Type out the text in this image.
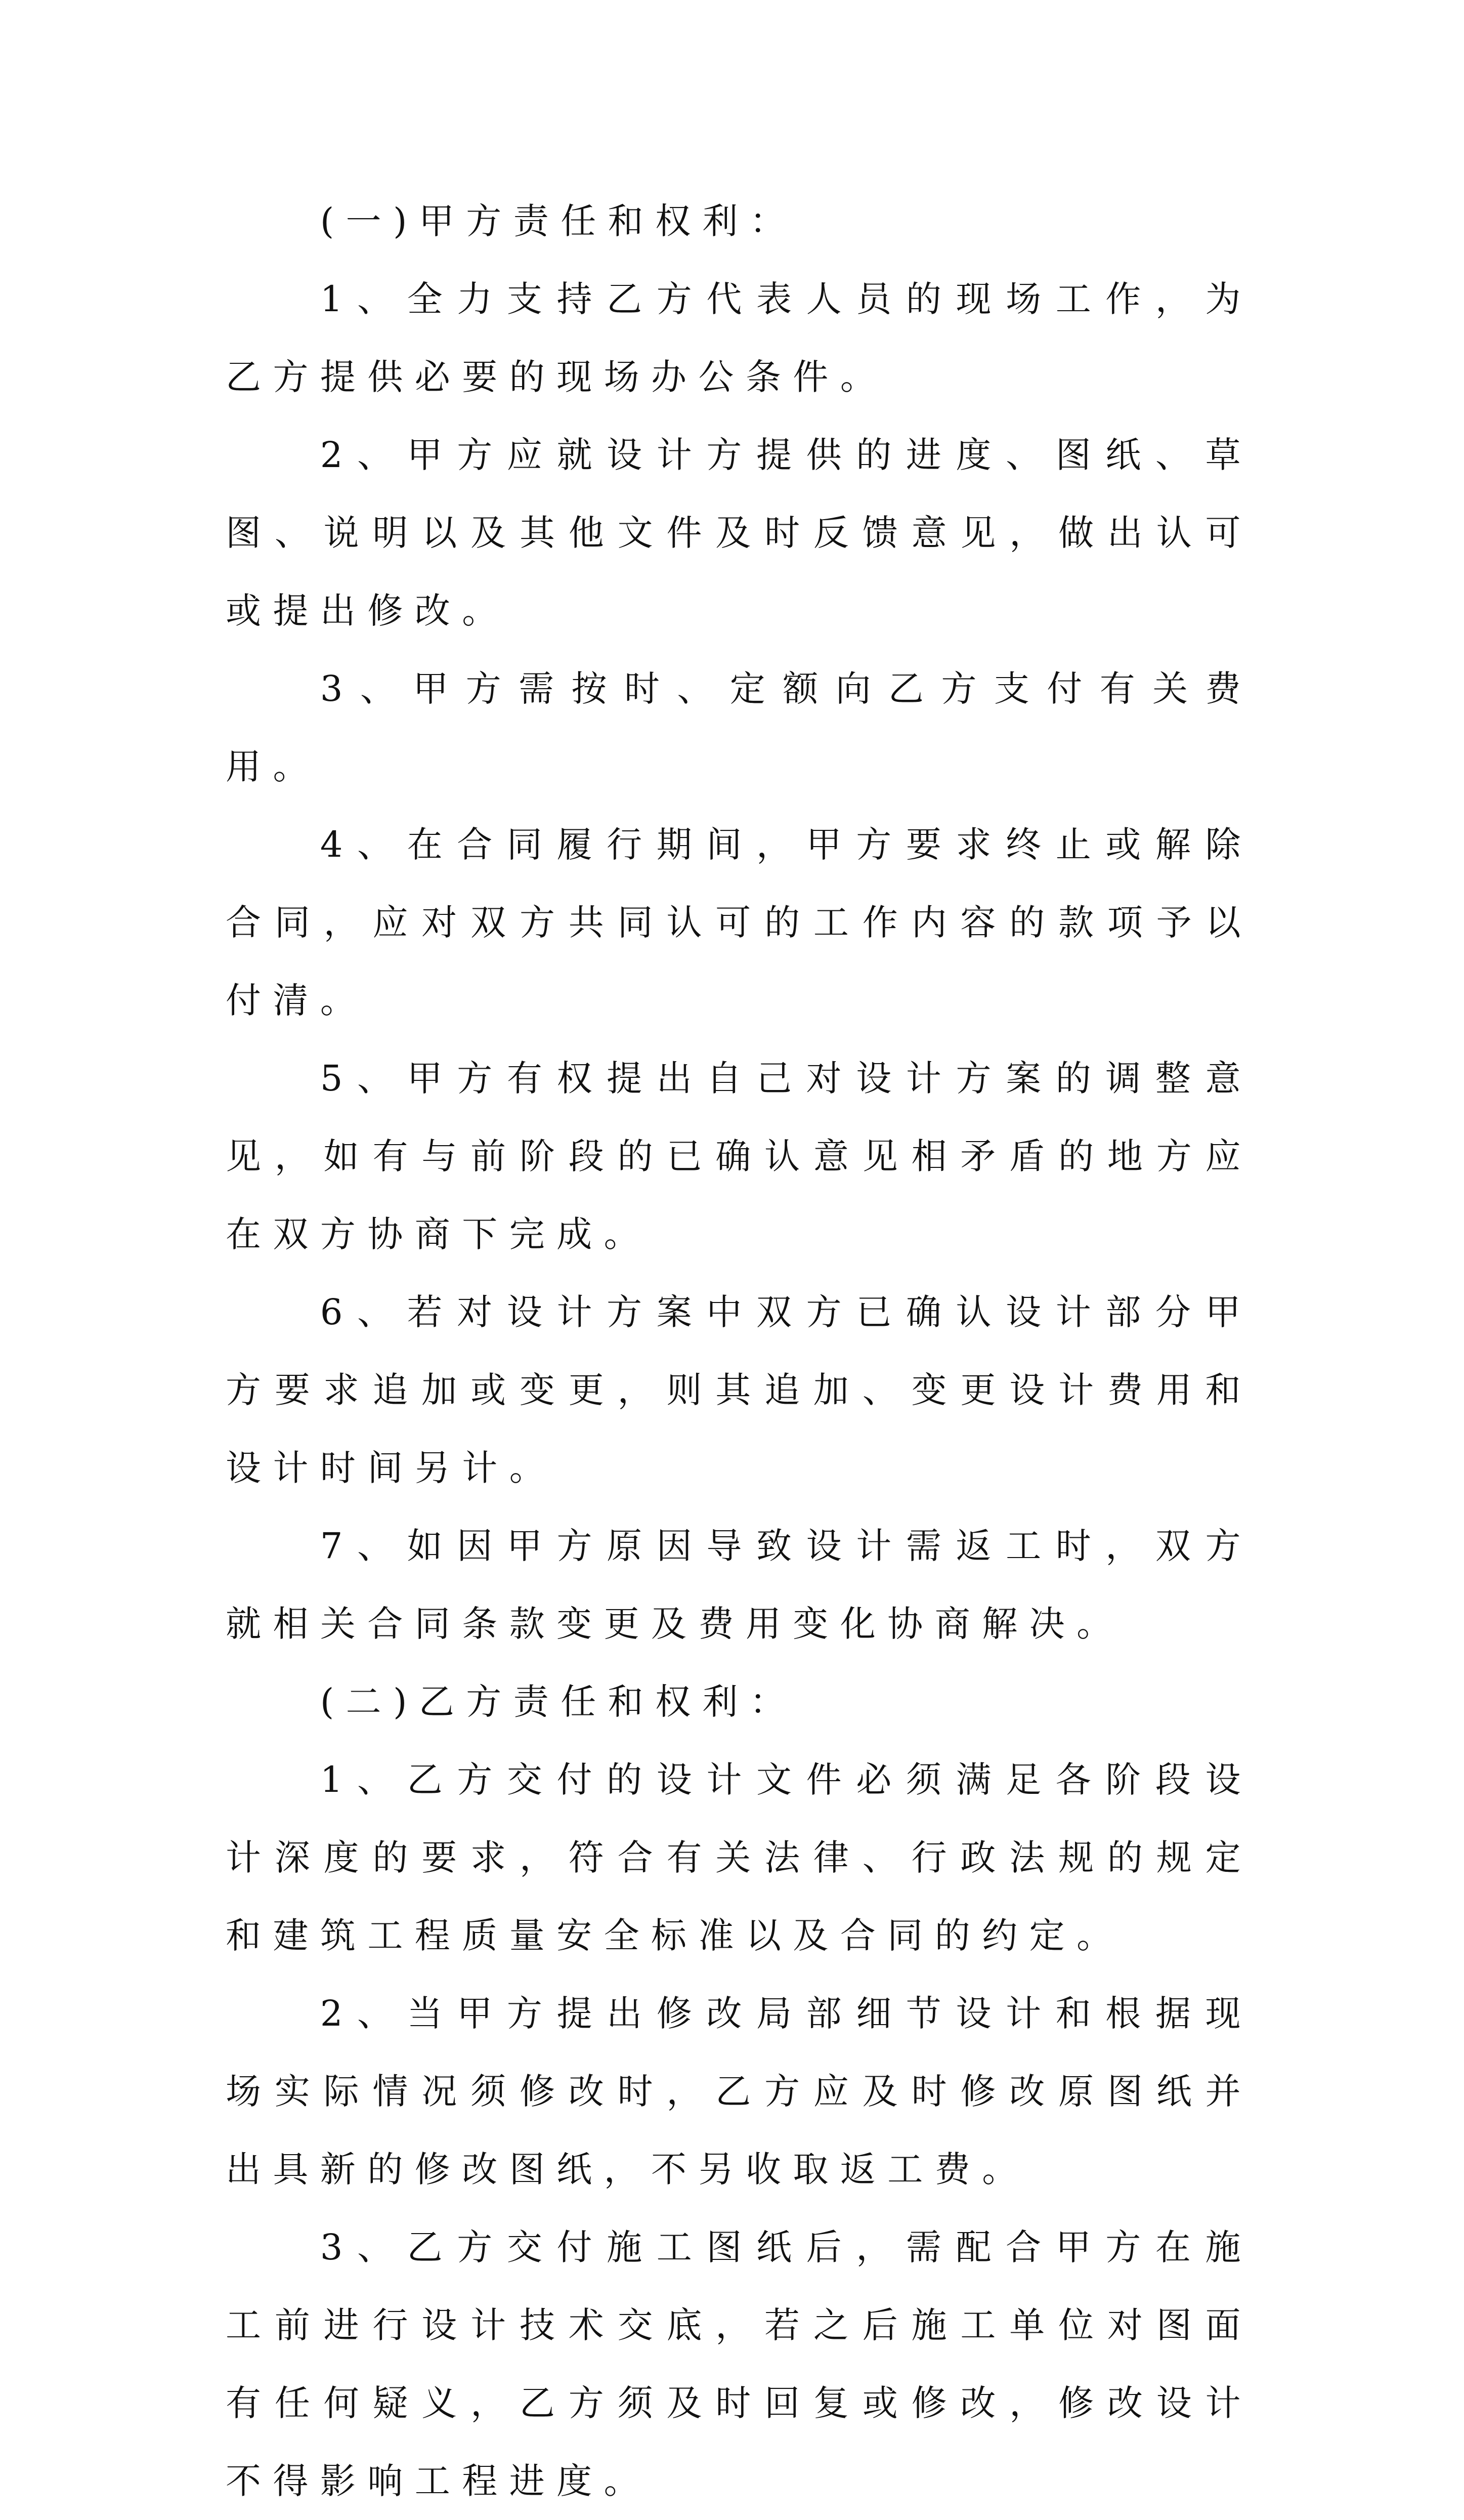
(一)甲方责任和权利：

1、全力支持乙方代表人员的现场工作，为乙方提供必要的现场办公条件。

2、甲方应就设计方提供的进度、图纸、草图、说明以及其他文件及时反馈意见，做出认可或提出修改。

3、甲方需按时、定额向乙方支付有关费用。

4、在合同履行期间，甲方要求终止或解除合同，应对双方共同认可的工作内容的款项予以付清。

5、甲方有权提出自己对设计方案的调整意见，如有与前阶段的已确认意见相矛盾的地方应在双方协商下完成。

6、若对设计方案中双方已确认设计部分甲方要求追加或变更，则其追加、变更设计费用和设计时间另计。

7、如因甲方原因导致设计需返工时，双方就相关合同条款变更及费用变化协商解决。

(二)乙方责任和权利：

1、乙方交付的设计文件必须满足各阶段设计深度的要求，符合有关法律、行政法规的规定和建筑工程质量安全标准以及合同的约定。

2、当甲方提出修改局部细节设计和根据现场实际情况须修改时，乙方应及时修改原图纸并出具新的修改图纸，不另收取返工费。

3、乙方交付施工图纸后，需配合甲方在施工前进行设计技术交底，若之后施工单位对图面有任何疑义，乙方须及时回复或修改，修改设计不得影响工程进度。
